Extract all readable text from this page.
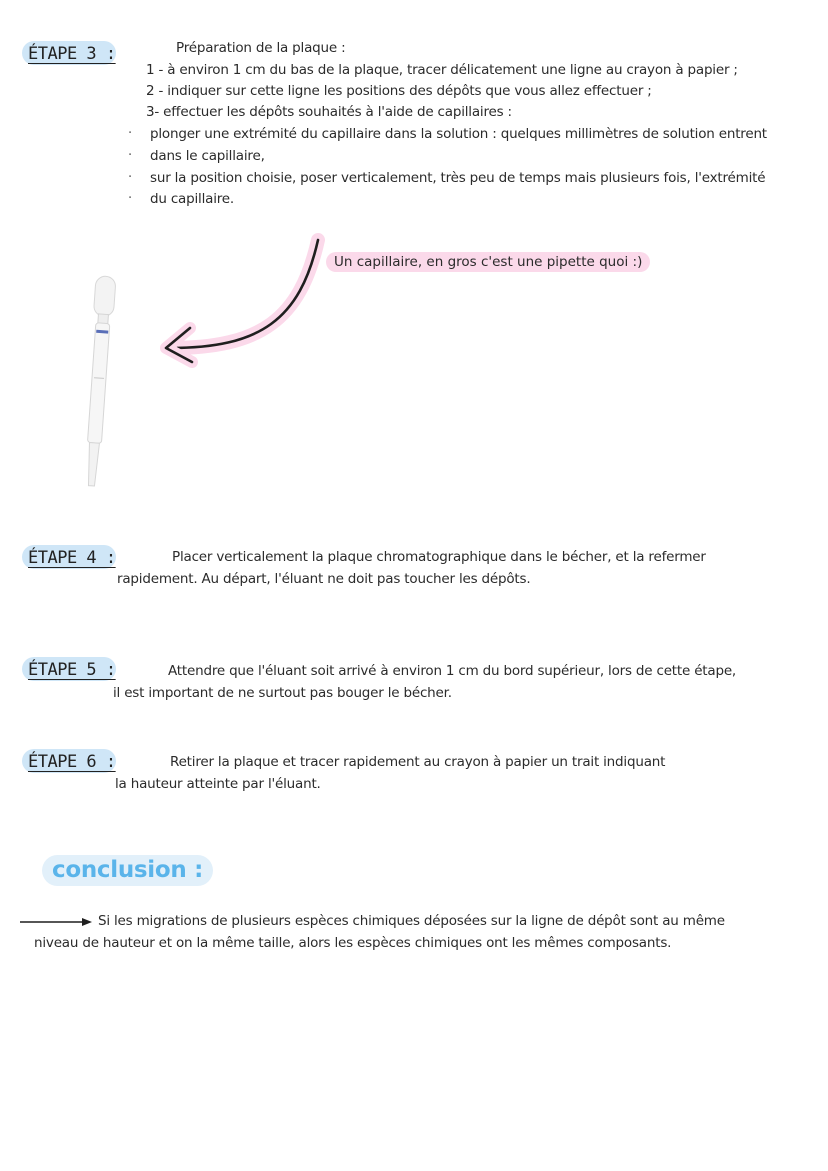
ÉTAPE 3 :	Préparation de la plaque :
1 - à environ 1 cm du bas de la plaque, tracer délicatement une ligne au crayon à papier ;
2 - indiquer sur cette ligne les positions des dépôts que vous allez effectuer ;
3- effectuer les dépôts souhaités à l'aide de capillaires :
· plonger une extrémité du capillaire dans la solution : quelques millimètres de solution entrent
· dans le capillaire,
· sur la position choisie, poser verticalement, très peu de temps mais plusieurs fois, l'extrémité
· du capillaire.
Un capillaire, en gros c'est une pipette quoi :)
ÉTAPE 4 :	Placer verticalement la plaque chromatographique dans le bécher, et la refermer
rapidement. Au départ, l'éluant ne doit pas toucher les dépôts.
ÉTAPE 5 :	Attendre que l'éluant soit arrivé à environ 1 cm du bord supérieur, lors de cette étape,
il est important de ne surtout pas bouger le bécher.
ÉTAPE 6 :	Retirer la plaque et tracer rapidement au crayon à papier un trait indiquant
la hauteur atteinte par l'éluant.
conclusion :
Si les migrations de plusieurs espèces chimiques déposées sur la ligne de dépôt sont au même
niveau de hauteur et on la même taille, alors les espèces chimiques ont les mêmes composants.
